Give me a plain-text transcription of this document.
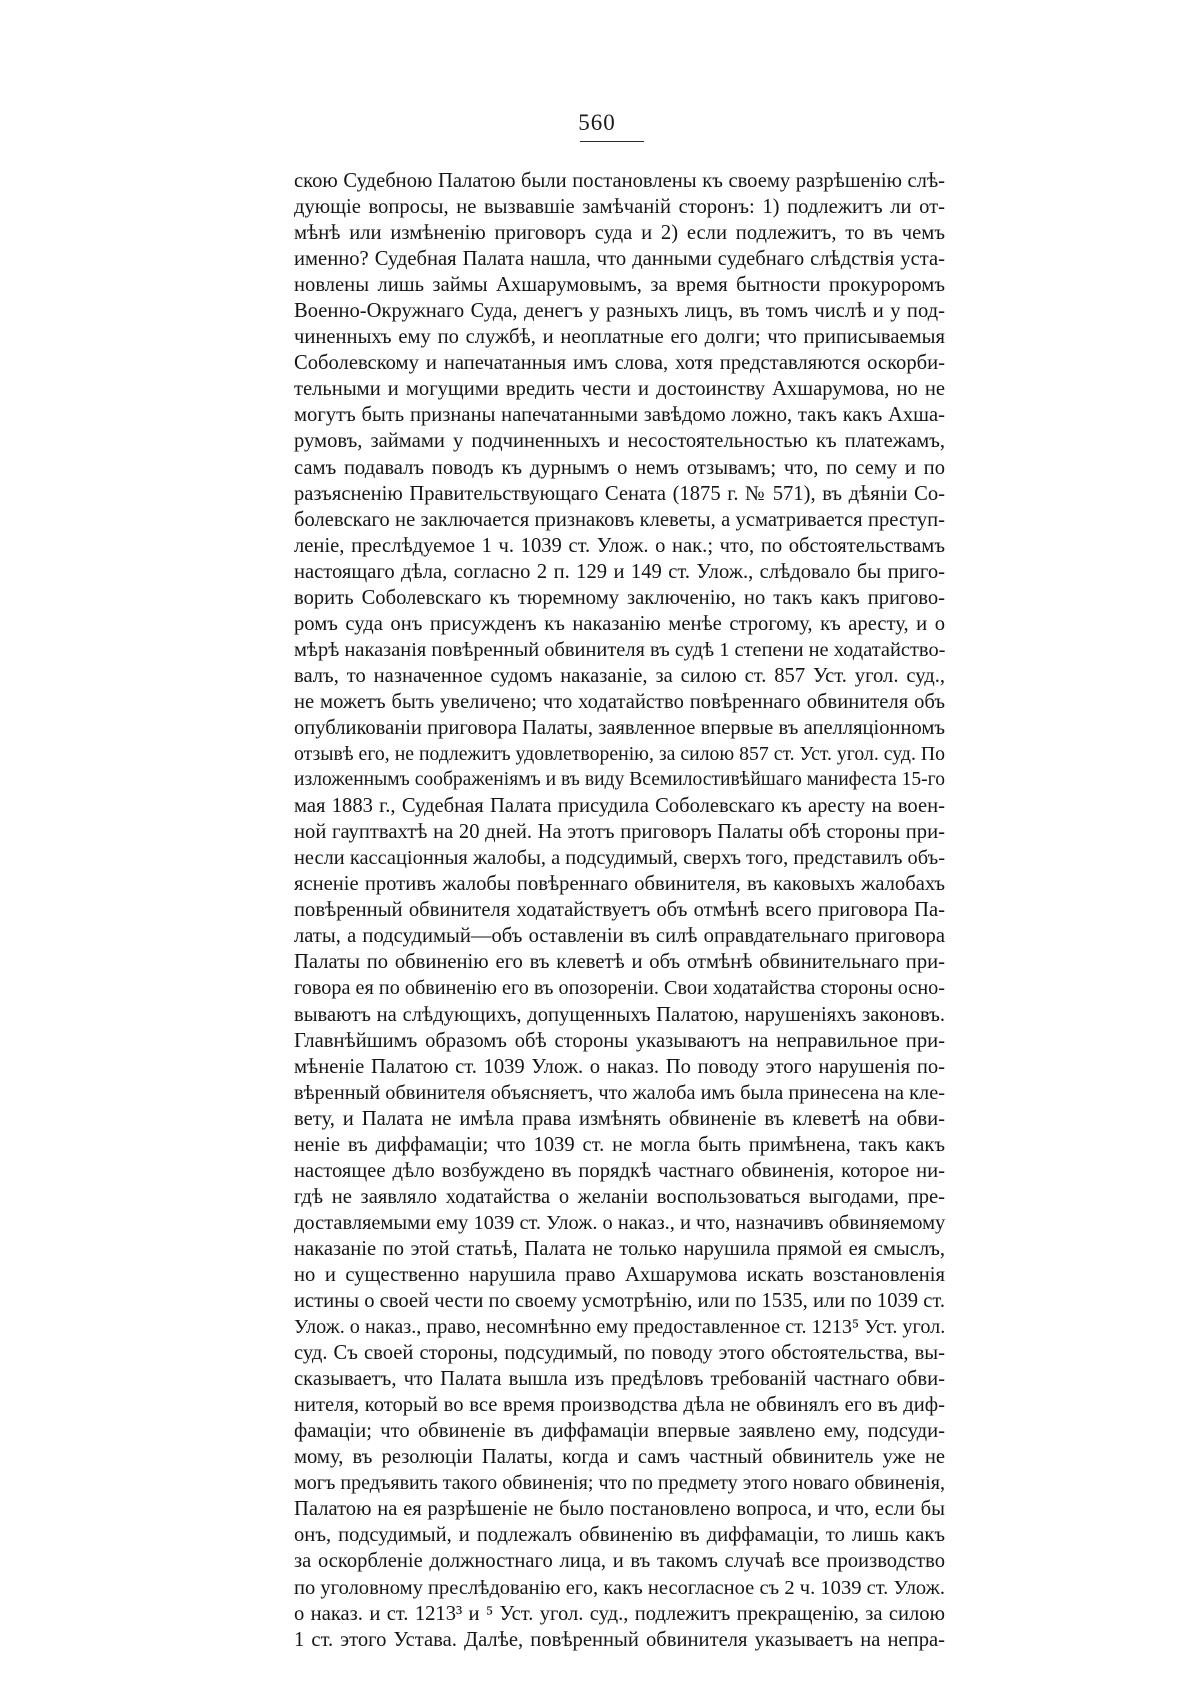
560
скою Судебною Палатою были постановлены къ своему разрѣшенію слѣ-
дующіе вопросы, не вызвавшіе замѣчаній сторонъ: 1) подлежитъ ли от-
мѣнѣ или измѣненію приговоръ суда и 2) если подлежитъ, то въ чемъ
именно? Судебная Палата нашла, что данными судебнаго слѣдствія уста-
новлены лишь займы Ахшарумовымъ, за время бытности прокуроромъ
Военно-Окружнаго Суда, денегъ у разныхъ лицъ, въ томъ числѣ и у под-
чиненныхъ ему по службѣ, и неоплатные его долги; что приписываемыя
Соболевскому и напечатанныя имъ слова, хотя представляются оскорби-
тельными и могущими вредить чести и достоинству Ахшарумова, но не
могутъ быть признаны напечатанными завѣдомо ложно, такъ какъ Ахша-
румовъ, займами у подчиненныхъ и несостоятельностью къ платежамъ,
самъ подавалъ поводъ къ дурнымъ о немъ отзывамъ; что, по сему и по
разъясненію Правительствующаго Сената (1875 г. № 571), въ дѣяніи Со-
болевскаго не заключается признаковъ клеветы, а усматривается преступ-
леніе, преслѣдуемое 1 ч. 1039 ст. Улож. о нак.; что, по обстоятельствамъ
настоящаго дѣла, согласно 2 п. 129 и 149 ст. Улож., слѣдовало бы приго-
ворить Соболевскаго къ тюремному заключенію, но такъ какъ пригово-
ромъ суда онъ присужденъ къ наказанію менѣе строгому, къ аресту, и о
мѣрѣ наказанія повѣренный обвинителя въ судѣ 1 степени не ходатайство-
валъ, то назначенное судомъ наказаніе, за силою ст. 857 Уст. угол. суд.,
не можетъ быть увеличено; что ходатайство повѣреннаго обвинителя объ
опубликованіи приговора Палаты, заявленное впервые въ апелляціонномъ
отзывѣ его, не подлежитъ удовлетворенію, за силою 857 ст. Уст. угол. суд. По
изложеннымъ соображеніямъ и въ виду Всемилостивѣйшаго манифеста 15-го
мая 1883 г., Судебная Палата присудила Соболевскаго къ аресту на воен-
ной гауптвахтѣ на 20 дней. На этотъ приговоръ Палаты обѣ стороны при-
несли кассаціонныя жалобы, а подсудимый, сверхъ того, представилъ объ-
ясненіе противъ жалобы повѣреннаго обвинителя, въ каковыхъ жалобахъ
повѣренный обвинителя ходатайствуетъ объ отмѣнѣ всего приговора Па-
латы, а подсудимый—объ оставленіи въ силѣ оправдательнаго приговора
Палаты по обвиненію его въ клеветѣ и объ отмѣнѣ обвинительнаго при-
говора ея по обвиненію его въ опозореніи. Свои ходатайства стороны осно-
вываютъ на слѣдующихъ, допущенныхъ Палатою, нарушеніяхъ законовъ.
Главнѣйшимъ образомъ обѣ стороны указываютъ на неправильное при-
мѣненіе Палатою ст. 1039 Улож. о наказ. По поводу этого нарушенія по-
вѣренный обвинителя объясняетъ, что жалоба имъ была принесена на кле-
вету, и Палата не имѣла права измѣнять обвиненіе въ клеветѣ на обви-
неніе въ диффамаціи; что 1039 ст. не могла быть примѣнена, такъ какъ
настоящее дѣло возбуждено въ порядкѣ частнаго обвиненія, которое ни-
гдѣ не заявляло ходатайства о желаніи воспользоваться выгодами, пре-
доставляемыми ему 1039 ст. Улож. о наказ., и что, назначивъ обвиняемому
наказаніе по этой статьѣ, Палата не только нарушила прямой ея смыслъ,
но и существенно нарушила право Ахшарумова искать возстановленія
истины о своей чести по своему усмотрѣнію, или по 1535, или по 1039 ст.
Улож. о наказ., право, несомнѣнно ему предоставленное ст. 1213⁵ Уст. угол.
суд. Съ своей стороны, подсудимый, по поводу этого обстоятельства, вы-
сказываетъ, что Палата вышла изъ предѣловъ требованій частнаго обви-
нителя, который во все время производства дѣла не обвинялъ его въ диф-
фамаціи; что обвиненіе въ диффамаціи впервые заявлено ему, подсуди-
мому, въ резолюціи Палаты, когда и самъ частный обвинитель уже не
могъ предъявить такого обвиненія; что по предмету этого новаго обвиненія,
Палатою на ея разрѣшеніе не было постановлено вопроса, и что, если бы
онъ, подсудимый, и подлежалъ обвиненію въ диффамаціи, то лишь какъ
за оскорбленіе должностнаго лица, и въ такомъ случаѣ все производство
по уголовному преслѣдованію его, какъ несогласное съ 2 ч. 1039 ст. Улож.
о наказ. и ст. 1213³ и ⁵ Уст. угол. суд., подлежитъ прекращенію, за силою
1 ст. этого Устава. Далѣе, повѣренный обвинителя указываетъ на непра-
